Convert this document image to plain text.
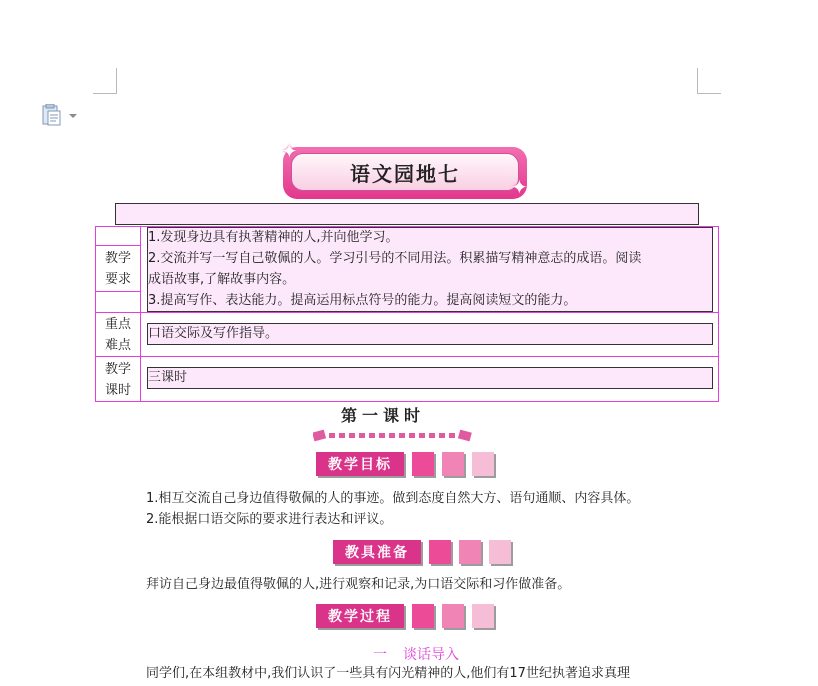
语文园地七
✦
✦
教学
要求
1.发现身边具有执著精神的人,并向他学习。
2.交流并写一写自己敬佩的人。学习引号的不同用法。积累描写精神意志的成语。阅读
成语故事,了解故事内容。
3.提高写作、表达能力。提高运用标点符号的能力。提高阅读短文的能力。
重点
难点
口语交际及写作指导。
教学
课时
三课时
第一课时
教学目标
1.相互交流自己身边值得敬佩的人的事迹。做到态度自然大方、语句通顺、内容具体。
2.能根据口语交际的要求进行表达和评议。
教具准备
拜访自己身边最值得敬佩的人,进行观察和记录,为口语交际和习作做准备。
教学过程
一 谈话导入
同学们,在本组教材中,我们认识了一些具有闪光精神的人,他们有17世纪执著追求真理
